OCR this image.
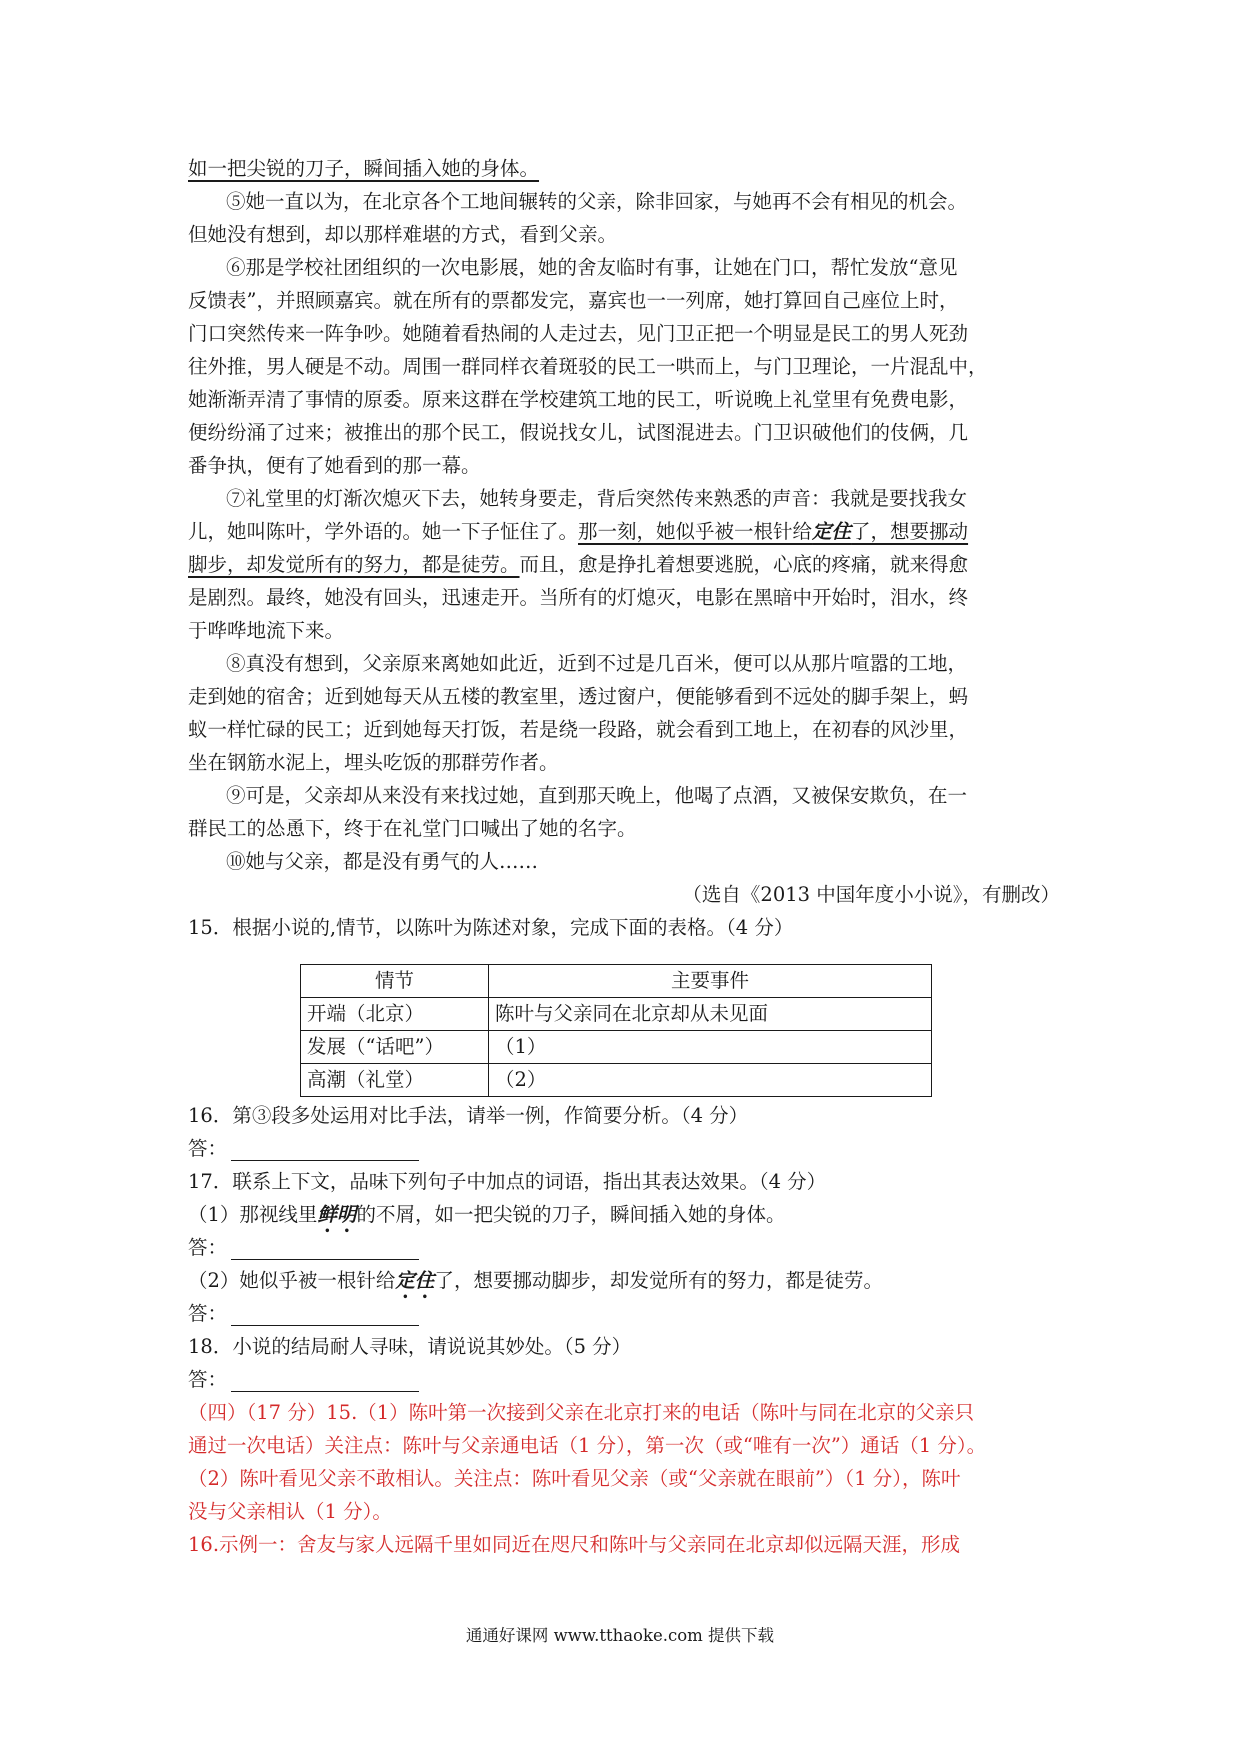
如一把尖锐的刀子，瞬间插入她的身体。
⑤她一直以为，在北京各个工地间辗转的父亲，除非回家，与她再不会有相见的机会。
但她没有想到，却以那样难堪的方式，看到父亲。
⑥那是学校社团组织的一次电影展，她的舍友临时有事，让她在门口，帮忙发放“意见
反馈表”，并照顾嘉宾。就在所有的票都发完，嘉宾也一一列席，她打算回自己座位上时，
门口突然传来一阵争吵。她随着看热闹的人走过去，见门卫正把一个明显是民工的男人死劲
往外推，男人硬是不动。周围一群同样衣着斑驳的民工一哄而上，与门卫理论，一片混乱中，
她渐渐弄清了事情的原委。原来这群在学校建筑工地的民工，听说晚上礼堂里有免费电影，
便纷纷涌了过来；被推出的那个民工，假说找女儿，试图混进去。门卫识破他们的伎俩，几
番争执，便有了她看到的那一幕。
⑦礼堂里的灯渐次熄灭下去，她转身要走，背后突然传来熟悉的声音：我就是要找我女
儿，她叫陈叶，学外语的。她一下子怔住了。那一刻，她似乎被一根针给定住了，想要挪动
脚步，却发觉所有的努力，都是徒劳。而且，愈是挣扎着想要逃脱，心底的疼痛，就来得愈
是剧烈。最终，她没有回头，迅速走开。当所有的灯熄灭，电影在黑暗中开始时，泪水，终
于哗哗地流下来。
⑧真没有想到，父亲原来离她如此近，近到不过是几百米，便可以从那片喧嚣的工地，
走到她的宿舍；近到她每天从五楼的教室里，透过窗户，便能够看到不远处的脚手架上，蚂
蚁一样忙碌的民工；近到她每天打饭，若是绕一段路，就会看到工地上，在初春的风沙里，
坐在钢筋水泥上，埋头吃饭的那群劳作者。
⑨可是，父亲却从来没有来找过她，直到那天晚上，他喝了点酒，又被保安欺负，在一
群民工的怂恿下，终于在礼堂门口喊出了她的名字。
⑩她与父亲，都是没有勇气的人……
（选自《2013 中国年度小小说》，有删改）
15．根据小说的,情节，以陈叶为陈述对象，完成下面的表格。（4 分）
情节	主要事件
开端（北京）	陈叶与父亲同在北京却从未见面
发展（“话吧”）	（1）
高潮（礼堂）	（2）
16．第③段多处运用对比手法，请举一例，作简要分析。（4 分）
答：
17．联系上下文，品味下列句子中加点的词语，指出其表达效果。（4 分）
（1）那视线里鲜明的不屑，如一把尖锐的刀子，瞬间插入她的身体。
答：
（2）她似乎被一根针给定住了，想要挪动脚步，却发觉所有的努力，都是徒劳。
答：
18．小说的结局耐人寻味，请说说其妙处。（5 分）
答：
（四）（17 分）15.（1）陈叶第一次接到父亲在北京打来的电话（陈叶与同在北京的父亲只
通过一次电话）关注点：陈叶与父亲通电话（1 分），第一次（或“唯有一次”）通话（1 分）。
（2）陈叶看见父亲不敢相认。关注点：陈叶看见父亲（或“父亲就在眼前”）（1 分），陈叶
没与父亲相认（1 分）。
16.示例一：舍友与家人远隔千里如同近在咫尺和陈叶与父亲同在北京却似远隔天涯，形成
通通好课网 www.tthaoke.com 提供下载
